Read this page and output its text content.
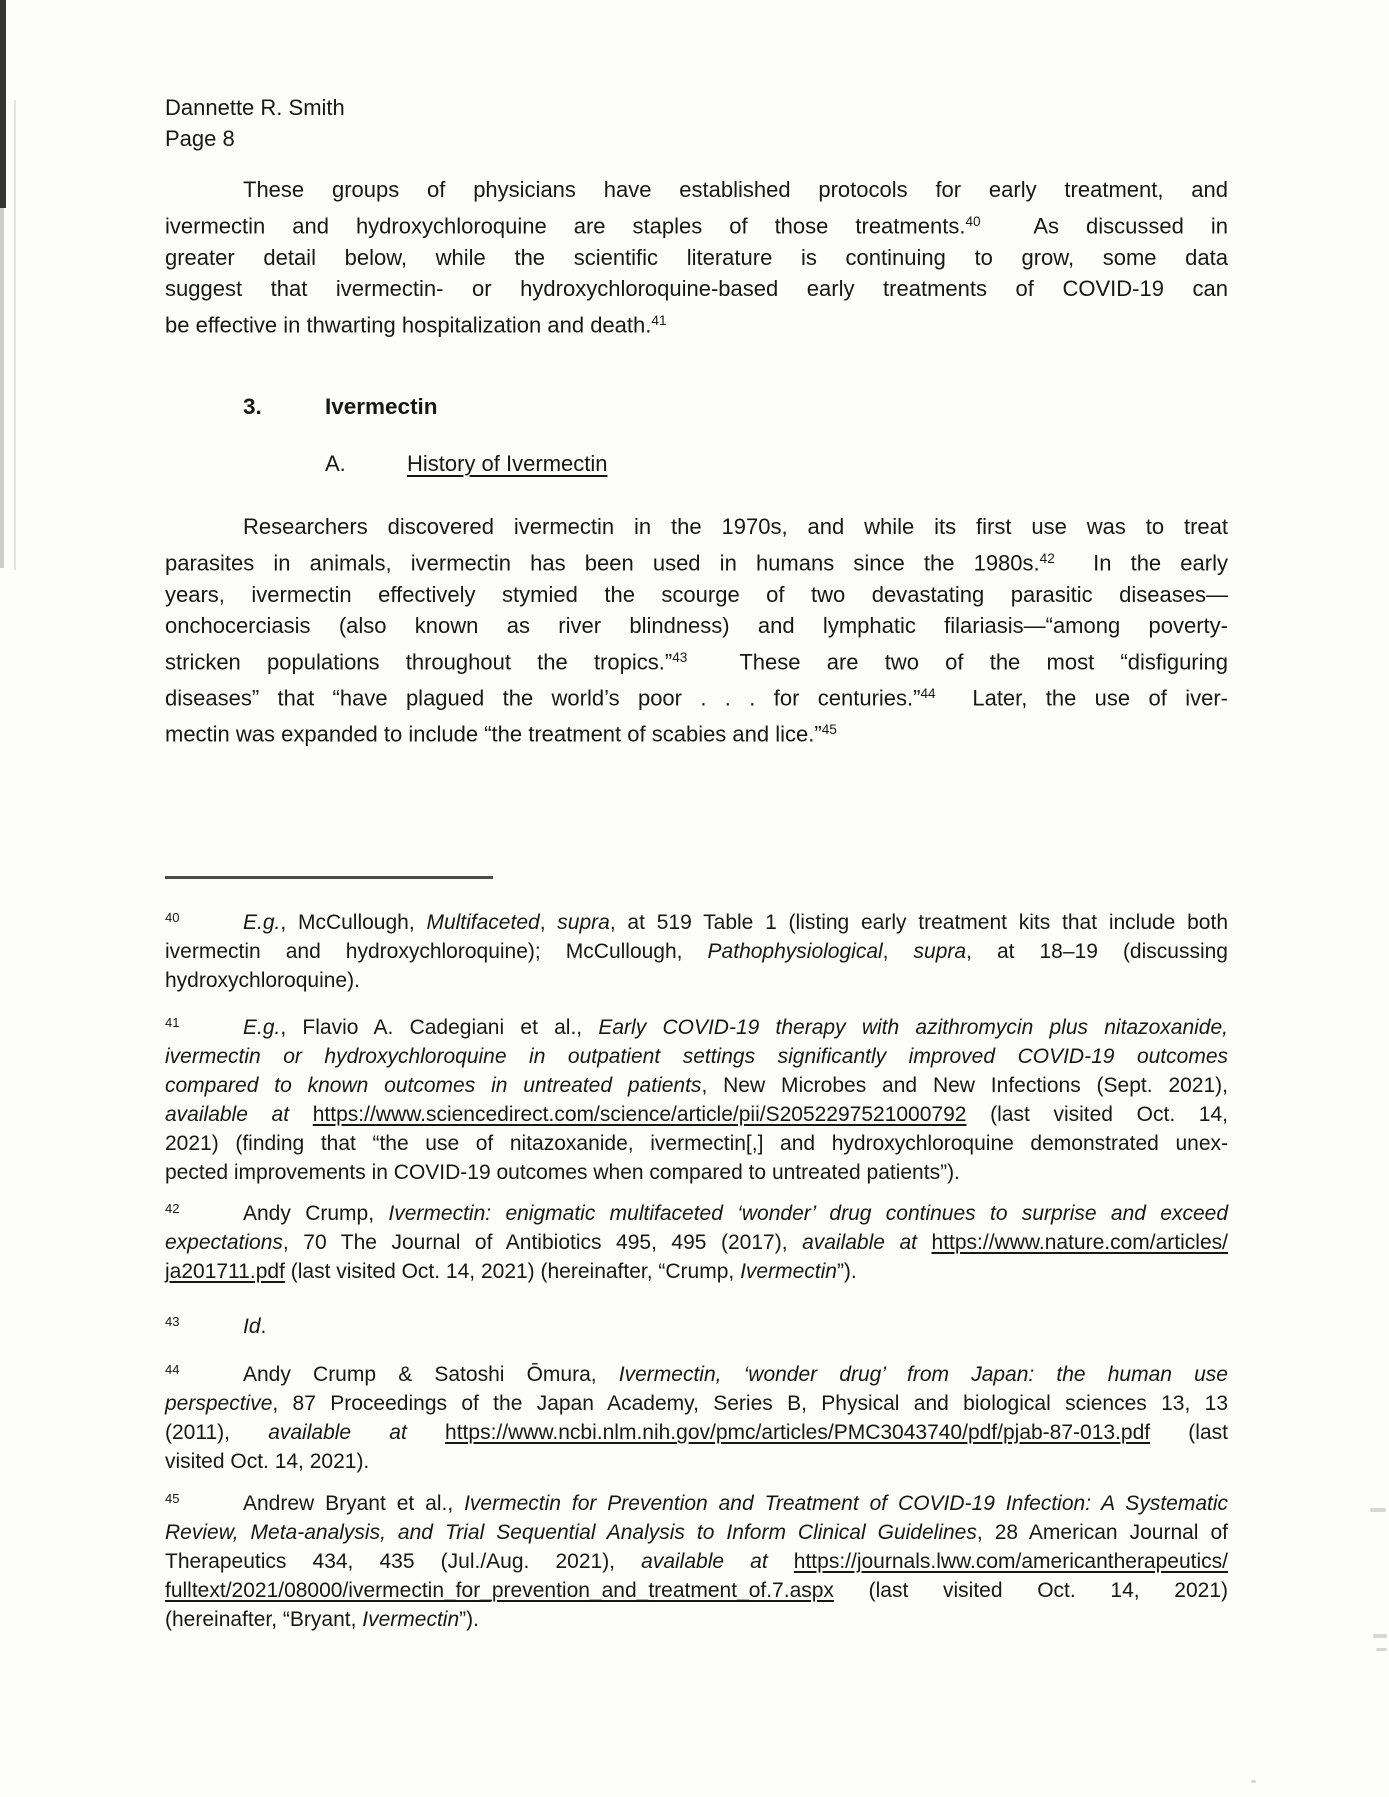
Dannette R. Smith
Page 8
These groups of physicians have established protocols for early treatment, and
ivermectin and hydroxychloroquine are staples of those treatments.$^{40}$  As discussed in
greater detail below, while the scientific literature is continuing to grow, some data
suggest that ivermectin- or hydroxychloroquine-based early treatments of COVID-19 can
be effective in thwarting hospitalization and death.$^{41}$
3.	Ivermectin
A.	History of Ivermectin
Researchers discovered ivermectin in the 1970s, and while its first use was to treat
parasites in animals, ivermectin has been used in humans since the 1980s.$^{42}$  In the early
years, ivermectin effectively stymied the scourge of two devastating parasitic diseases—
onchocerciasis (also known as river blindness) and lymphatic filariasis—“among poverty-
stricken populations throughout the tropics.”$^{43}$  These are two of the most “disfiguring
diseases” that “have plagued the world’s poor . . . for centuries.”$^{44}$  Later, the use of iver-
mectin was expanded to include “the treatment of scabies and lice.”$^{45}$
$^{40}$	E.g., McCullough, Multifaceted, supra, at 519 Table 1 (listing early treatment kits that include both
ivermectin and hydroxychloroquine); McCullough, Pathophysiological, supra, at 18–19 (discussing
hydroxychloroquine).
$^{41}$	E.g., Flavio A. Cadegiani et al., Early COVID-19 therapy with azithromycin plus nitazoxanide,
ivermectin or hydroxychloroquine in outpatient settings significantly improved COVID-19 outcomes
compared to known outcomes in untreated patients, New Microbes and New Infections (Sept. 2021),
available at https://www.sciencedirect.com/science/article/pii/S2052297521000792 (last visited Oct. 14,
2021) (finding that “the use of nitazoxanide, ivermectin[,] and hydroxychloroquine demonstrated unex-
pected improvements in COVID-19 outcomes when compared to untreated patients”).
$^{42}$	Andy Crump, Ivermectin: enigmatic multifaceted ‘wonder’ drug continues to surprise and exceed
expectations, 70 The Journal of Antibiotics 495, 495 (2017), available at https://www.nature.com/articles/
ja201711.pdf (last visited Oct. 14, 2021) (hereinafter, “Crump, Ivermectin”).
$^{43}$	Id.
$^{44}$	Andy Crump & Satoshi Ōmura, Ivermectin, ‘wonder drug’ from Japan: the human use
perspective, 87 Proceedings of the Japan Academy, Series B, Physical and biological sciences 13, 13
(2011), available at https://www.ncbi.nlm.nih.gov/pmc/articles/PMC3043740/pdf/pjab-87-013.pdf (last
visited Oct. 14, 2021).
$^{45}$	Andrew Bryant et al., Ivermectin for Prevention and Treatment of COVID-19 Infection: A Systematic
Review, Meta-analysis, and Trial Sequential Analysis to Inform Clinical Guidelines, 28 American Journal of
Therapeutics 434, 435 (Jul./Aug. 2021), available at https://journals.lww.com/americantherapeutics/
fulltext/2021/08000/ivermectin_for_prevention_and_treatment_of.7.aspx (last visited Oct. 14, 2021)
(hereinafter, “Bryant, Ivermectin”).
